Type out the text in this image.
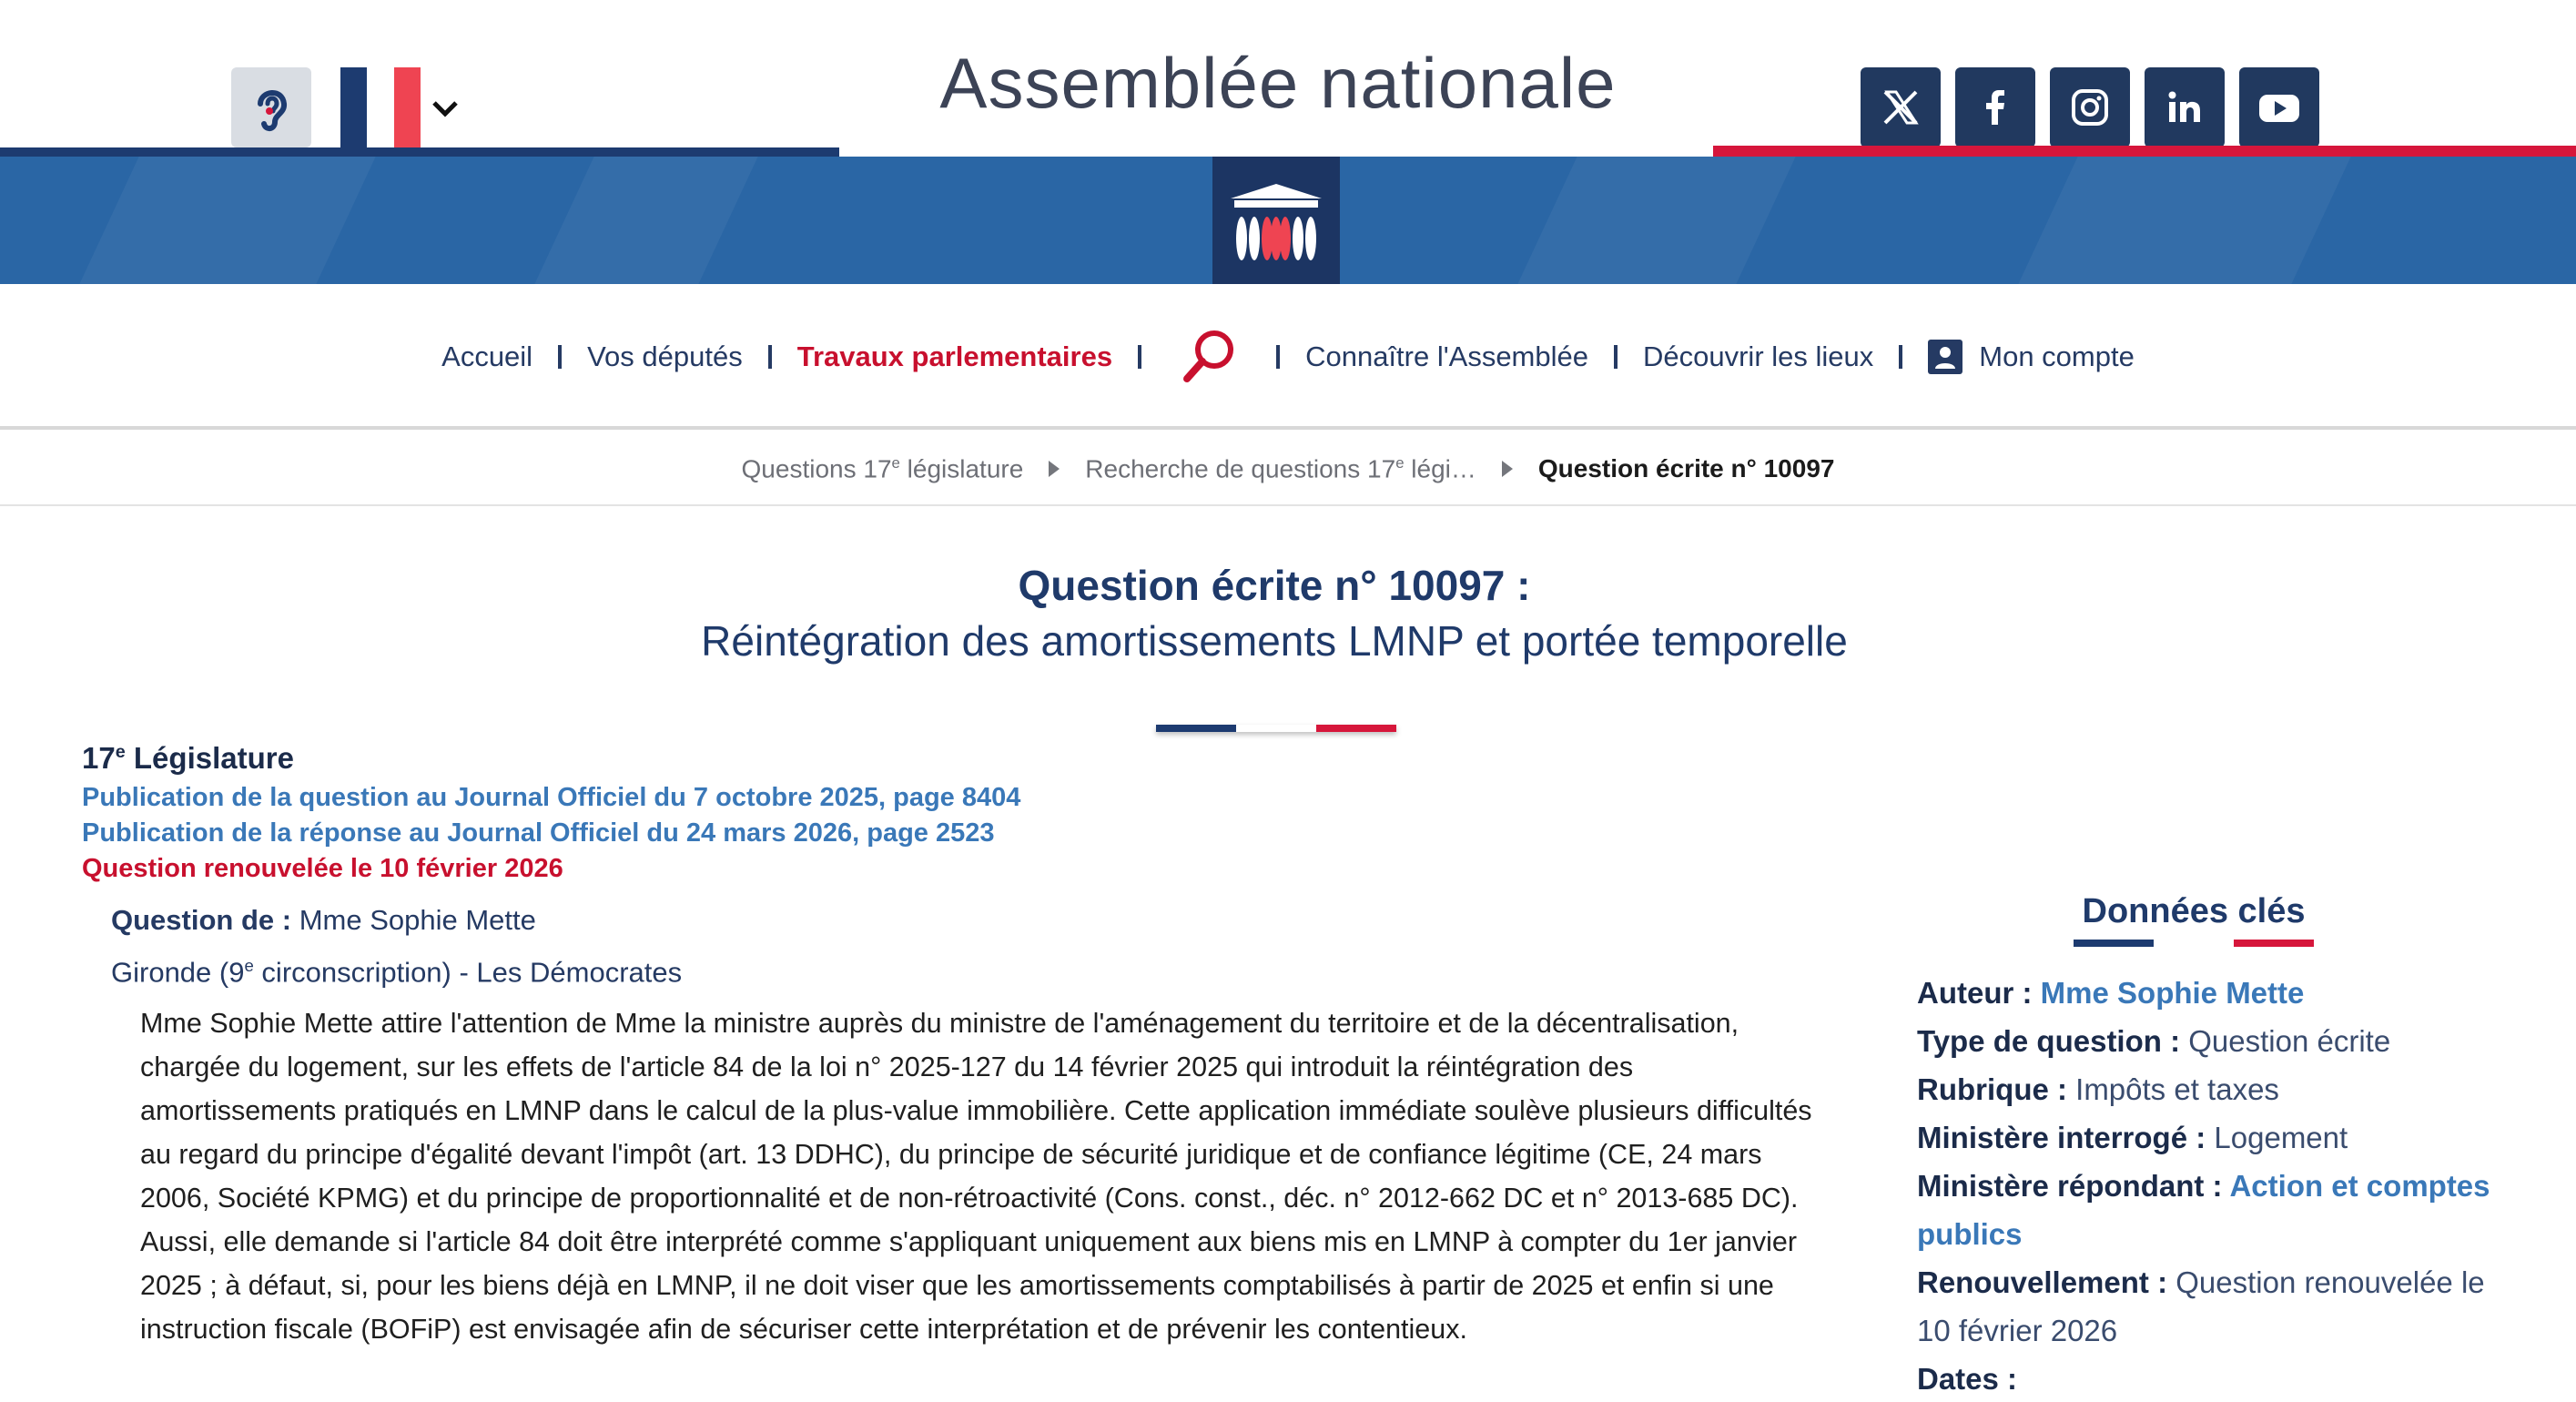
Assemblée nationale
Accueil	Vos députés	Travaux parlementaires	Connaître l'Assemblée	Découvrir les lieux	Mon compte
Questions 17e législature Recherche de questions 17e légi… Question écrite n° 10097
Question écrite n° 10097 :
Réintégration des amortissements LMNP et portée temporelle
17e Législature
Publication de la question au Journal Officiel du 7 octobre 2025, page 8404
Publication de la réponse au Journal Officiel du 24 mars 2026, page 2523
Question renouvelée le 10 février 2026
Question de : Mme Sophie Mette
Gironde (9e circonscription) - Les Démocrates
Mme Sophie Mette attire l'attention de Mme la ministre auprès du ministre de l'aménagement du territoire et de la décentralisation, chargée du logement, sur les effets de l'article 84 de la loi n° 2025-127 du 14 février 2025 qui introduit la réintégration des amortissements pratiqués en LMNP dans le calcul de la plus-value immobilière. Cette application immédiate soulève plusieurs difficultés au regard du principe d'égalité devant l'impôt (art. 13 DDHC), du principe de sécurité juridique et de confiance légitime (CE, 24 mars 2006, Société KPMG) et du principe de proportionnalité et de non-rétroactivité (Cons. const., déc. n° 2012-662 DC et n° 2013-685 DC). Aussi, elle demande si l'article 84 doit être interprété comme s'appliquant uniquement aux biens mis en LMNP à compter du 1er janvier 2025 ; à défaut, si, pour les biens déjà en LMNP, il ne doit viser que les amortissements comptabilisés à partir de 2025 et enfin si une instruction fiscale (BOFiP) est envisagée afin de sécuriser cette interprétation et de prévenir les contentieux.
Données clés
Auteur : Mme Sophie Mette
Type de question : Question écrite
Rubrique : Impôts et taxes
Ministère interrogé : Logement
Ministère répondant : Action et comptes publics
Renouvellement : Question renouvelée le 10 février 2026
Dates :
